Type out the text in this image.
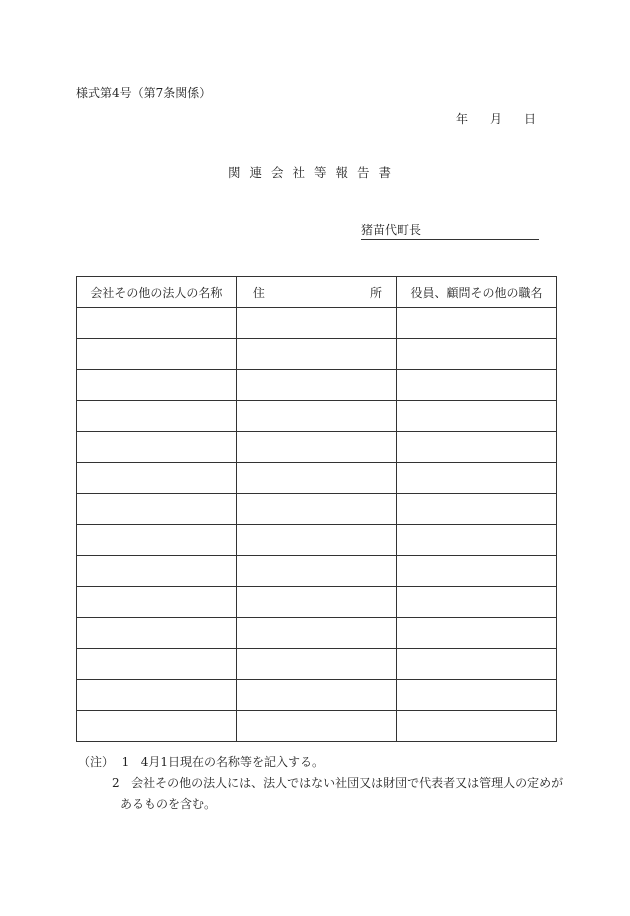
様式第4号（第7条関係）
年 月 日
関連会社等報告書
猪苗代町長
会社その他の法人の名称	住 所	役員、顧問その他の職名

（注） 1 4月1日現在の名称等を記入する。
2 会社その他の法人には、法人ではない社団又は財団で代表者又は管理人の定めが
あるものを含む。
